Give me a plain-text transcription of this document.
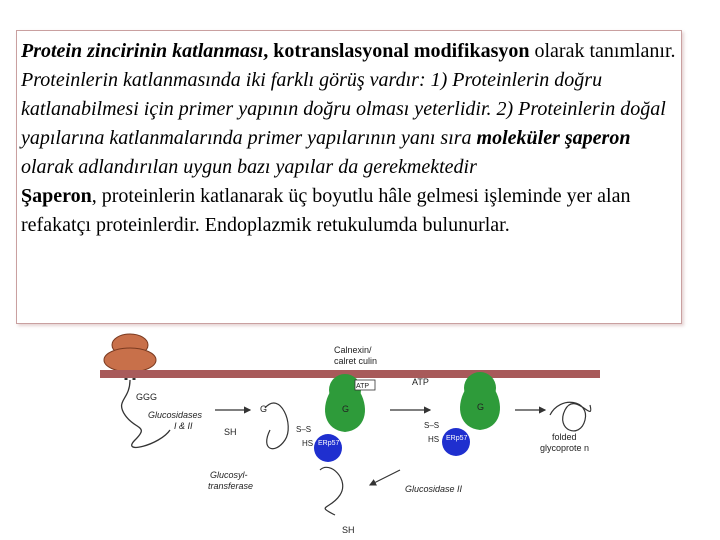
Protein zincirinin katlanması, kotranslasyonal modifikasyon olarak tanımlanır.

Proteinlerin katlanmasında iki farklı görüş vardır: 1) Proteinlerin doğru katlanabilmesi için primer yapının doğru olması yeterlidir. 2) Proteinlerin doğal yapılarına katlanmalarında primer yapılarının yanı sıra moleküler şaperon olarak adlandırılan uygun bazı yapılar da gerekmektedir

Şaperon, proteinlerin katlanarak üç boyutlu hâle gelmesi işleminde yer alan refakatçı proteinlerdir. Endoplazmik retukulumda bulunurlar.

Calnexin/
calret culin
GGG
Glucosidases
I & II
SH
G
ATP
G
S–S
HS ERp57
ATP
G
S–S
HS ERp57	folded
glycoprote n
Glucosyl-
transferase
SH
Glucosidase II
